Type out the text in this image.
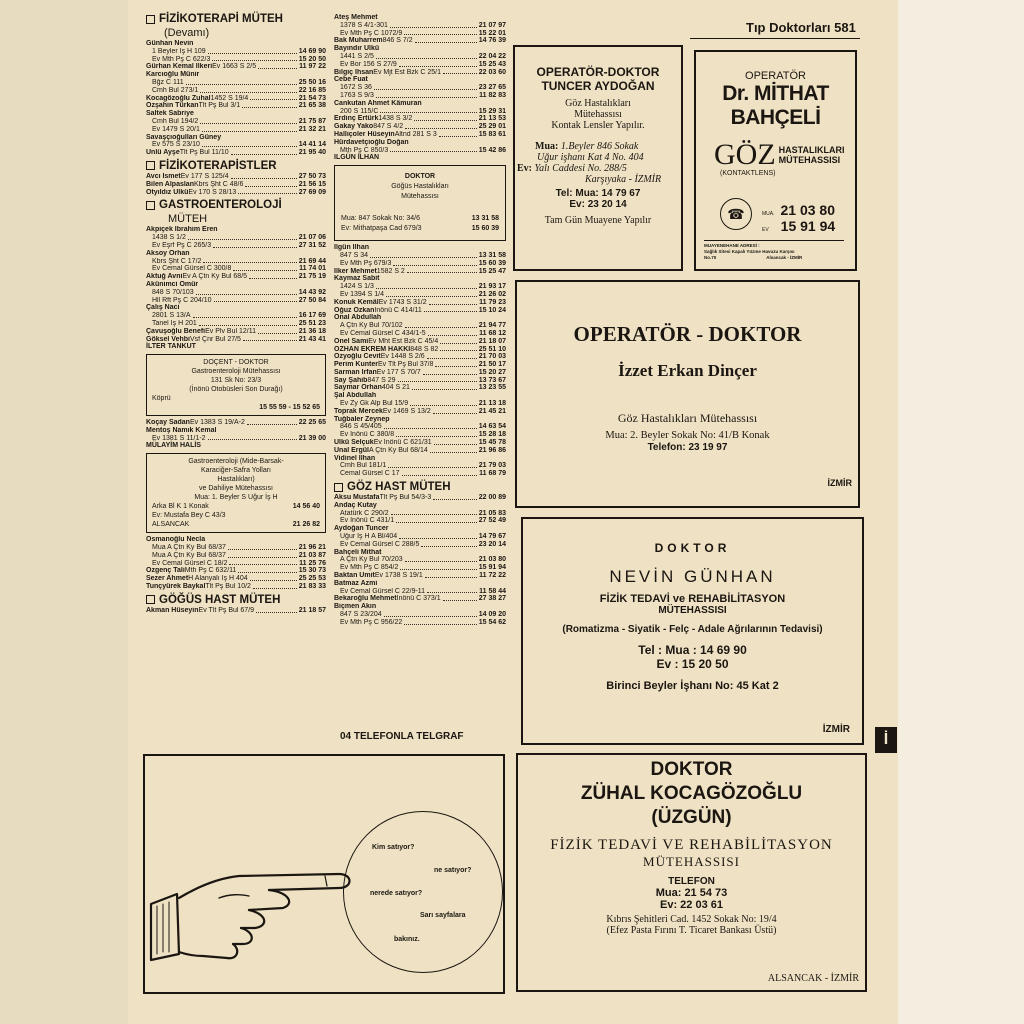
İ
Tıp Doktorları 581
FİZİKOTERAPİ MÜTEH
(Devamı)
Günhan Nevin
1 Beyler İş H 109	14 69 90
Ev Mth Pş C 622/3	15 20 50
Gürhan Kemal İlkeri Ev 1663 S 2/5	11 97 22
Karcıoğlu Münir
Bğz C 111	25 50 16
Cmh Bul 273/1	22 16 85
Kocagözoğlu Zuhal 1452 S 19/4	21 54 73
Özşahin Türkan Tlt Pş Bul 3/1	21 65 38
Saltek Sabriye
Cmh Bul 194/2	21 75 87
Ev 1479 S 20/1	21 32 21
Savaşçıoğulları Güney
Ev 575 S 23/10	14 41 14
Ünlü Ayşe Tlt Pş Bul 11/10	21 95 40
FİZİKOTERAPİSTLER
Avcı İsmet Ev 177 S 125/4	27 50 73
Bilen Alpaslan Kbrs Şht C 48/6	21 56 15
Otyıldız Ülkü Ev 170 S 28/13	27 69 09
GASTROENTEROLOJİ
MÜTEH
Akpiçek İbrahim Eren
1438 S 1/2	21 07 06
Ev Eşrf Pş C 265/3	27 31 52
Aksoy Orhan
Kbrs Şht C 17/2	21 69 44
Ev Cemal Gürsel C 300/8	11 74 01
Aktuğ Avni Ev A Çtn Ky Bul 68/5	21 75 19
Akünimci Ömür
848 S 70/103	14 43 92
Hll Rft Pş C 204/10	27 50 84
Çalış Naci
2801 S 13/A	16 17 69
Tanel İş H 201	25 51 23
Çavuşoğlu Benefi Ev Plv Bul 12/11	21 36 18
Göksel Vehbi Vsf Çnr Bul 27/5	21 43 41
İLTER TANKUT
DOÇENT - DOKTOR
Gastroenteroloji Mütehassısı
131 Sk No: 23/3
(İnönü Otobüsleri Son Durağı)
Köprü
15 55 59 - 15 52 65
Koçay Sadan Ev 1383 S 19/A-2	22 25 65
Mentoş Namık Kemal
Ev 1381 S 11/1-2	21 39 00
MÜLAYİM HALİS
Gastroenteroloji (Mide-Barsak-
Karaciğer-Safra Yolları
Hastalıkları)
ve Dahiliye Mütehassısı
Mua: 1. Beyler S Uğur İş H
Arka Bl K 1 Konak	14 56 40
Ev: Mustafa Bey C 43/3
ALSANCAK	21 26 82
Osmanoğlu Necla
Mua A Çtn Ky Bul 68/37	21 96 21
Mua A Çtn Ky Bul 68/37	21 03 87
Ev Cemal Gürsel C 18/2	11 25 76
Özgenç Tali Mth Pş C 632/11	15 30 73
Sezer Ahmet H Alanyalı İş H 404	25 25 53
Tunçyürek Baykal Tlt Pş Bul 10/2	21 83 33
GÖĞÜS HAST MÜTEH
Akman Hüseyin Ev Tlt Pş Bul 67/9	21 18 57
Ateş Mehmet
1378 S 4/1-301	21 07 97
Ev Mth Pş C 1072/9	15 22 01
Bak Muharrem 846 S 7/2	14 76 39
Bayındır Ülkü
1441 S 2/5	22 04 22
Ev Bor 156 S 27/9	15 25 43
Bilgiç İhsan Ev Mjt Est Bzk C 25/1	22 03 60
Cebe Fuat
1672 S 36	23 27 65
1763 S 9/3	11 82 83
Cankutan Ahmet Kâmuran
200 S 115/C	15 29 31
Erdinç Ertürk 1438 S 3/2	21 13 53
Gakay Yako 847 S 4/2	25 29 01
Halliçoler Hüseyin Altnd 281 S 3	15 83 61
Hürdavetçioğlu Doğan
Mth Pş C 850/3	15 42 86
ILGÜN İLHAN
DOKTOR
Göğüs Hastalıkları
Mütehassısı
Mua: 847 Sokak No: 34/6	13 31 58
Ev: Mithatpaşa Cad 679/3	15 60 39
İlgün İlhan
847 S 34	13 31 58
Ev Mth Pş 679/3	15 60 39
İlker Mehmet 1582 S 2	15 25 47
Kaymaz Sabit
1424 S 1/3	21 93 17
Ev 1394 S 1/4	21 26 02
Konuk Kemâl Ev 1743 S 31/2	11 79 23
Oğuz Özkan İnönü C 414/11	15 10 24
Önal Abdullah
A Çtn Ky Bul 70/102	21 94 77
Ev Cemal Gürsel C 434/1-5	11 68 12
Önel Sami Ev Mht Est Bzk C 45/4	21 18 07
ÖZHAN EKREM HAKKI 848 S 82	25 51 10
Özyoğlu Cevit Ev 1448 S 2/6	21 70 03
Perim Kunter Ev Tlt Pş Bul 37/8	21 50 17
Sarman İrfan Ev 177 S 70/7	15 20 27
Say Şahib 847 S 29	13 73 67
Saymar Orhan 404 S 21	13 23 55
Şal Abdullah
Ev Zy Gk Alp Bul 15/9	21 13 18
Toprak Mercek Ev 1469 S 13/2	21 45 21
Tuğbaler Zeynep
846 S 45/405	14 63 54
Ev İnönü C 380/8	15 28 18
Ülkü Selçuk Ev İnönü C 621/31	15 45 78
Ünal Ergül A Çtn Ky Bul 68/14	21 96 86
Vidinel İlhan
Cmh Bul 181/1	21 79 03
Cemal Gürsel C 17	11 68 79
GÖZ HAST MÜTEH
Aksu Mustafa Tlt Pş Bul 54/3-3	22 00 89
Andaç Kutay
Atatürk C 290/2	21 05 83
Ev İnönü C 431/1	27 52 49
Aydoğan Tuncer
Uğur İş H A Bl/404	14 79 67
Ev Cemal Gürsel C 288/5	23 20 14
Bahçeli Mithat
A Çtn Ky Bul 70/203	21 03 80
Ev Mth Pş C 854/2	15 91 94
Baktan Ümit Ev 1738 S 19/1	11 72 22
Batmaz Azmi
Ev Cemal Gürsel C 22/9-11	11 58 44
Bekaroğlu Mehmet İnönü C 373/1	27 38 27
Biçmen Akın
847 S 23/204	14 09 20
Ev Mth Pş C 956/22	15 54 62
04 TELEFONLA TELGRAF
OPERATÖR-DOKTOR
TUNCER AYDOĞAN
Göz Hastalıkları
Mütehassısı
Kontak Lensler Yapılır.
Mua: 1.Beyler 846 Sokak
Uğur işhanı Kat 4 No. 404
Ev: Yalı Caddesi No. 288/5
Karşıyaka - İZMİR
Tel: Mua: 14 79 67
Ev: 23 20 14
Tam Gün Muayene Yapılır
OPERATÖR
Dr. MİTHAT
BAHÇELİ
GÖZ HASTALIKLARI
MÜTEHASSISI
(KONTAKTLENS)
☎	MUA. 21 03 80
EV 15 91 94
MUAYENEHANE ADRESİ :
Sağlık Sitesi Kapalı Yüzme Havuzu Karşısı
No.70	Alsancak - İZMİR
OPERATÖR - DOKTOR
İzzet Erkan Dinçer
Göz Hastalıkları Mütehassısı
Mua: 2. Beyler Sokak No: 41/B Konak
Telefon: 23 19 97
İZMİR
DOKTOR
NEVİN GÜNHAN
FİZİK TEDAVİ ve REHABİLİTASYON
MÜTEHASSISI
(Romatizma - Siyatik - Felç - Adale Ağrılarının Tedavisi)
Tel : Mua : 14 69 90
Ev : 15 20 50
Birinci Beyler İşhanı No: 45 Kat 2
İZMİR
DOKTOR
ZÜHAL KOCAGÖZOĞLU
(ÜZGÜN)
FİZİK TEDAVİ VE REHABİLİTASYON
MÜTEHASSISI
TELEFON
Mua: 21 54 73
Ev: 22 03 61
Kıbrıs Şehitleri Cad. 1452 Sokak No: 19/4
(Efez Pasta Fırını T. Ticaret Bankası Üstü)
ALSANCAK - İZMİR
Kim satıyor?
ne satıyor?
nerede satıyor?
Sarı sayfalara
bakınız.
